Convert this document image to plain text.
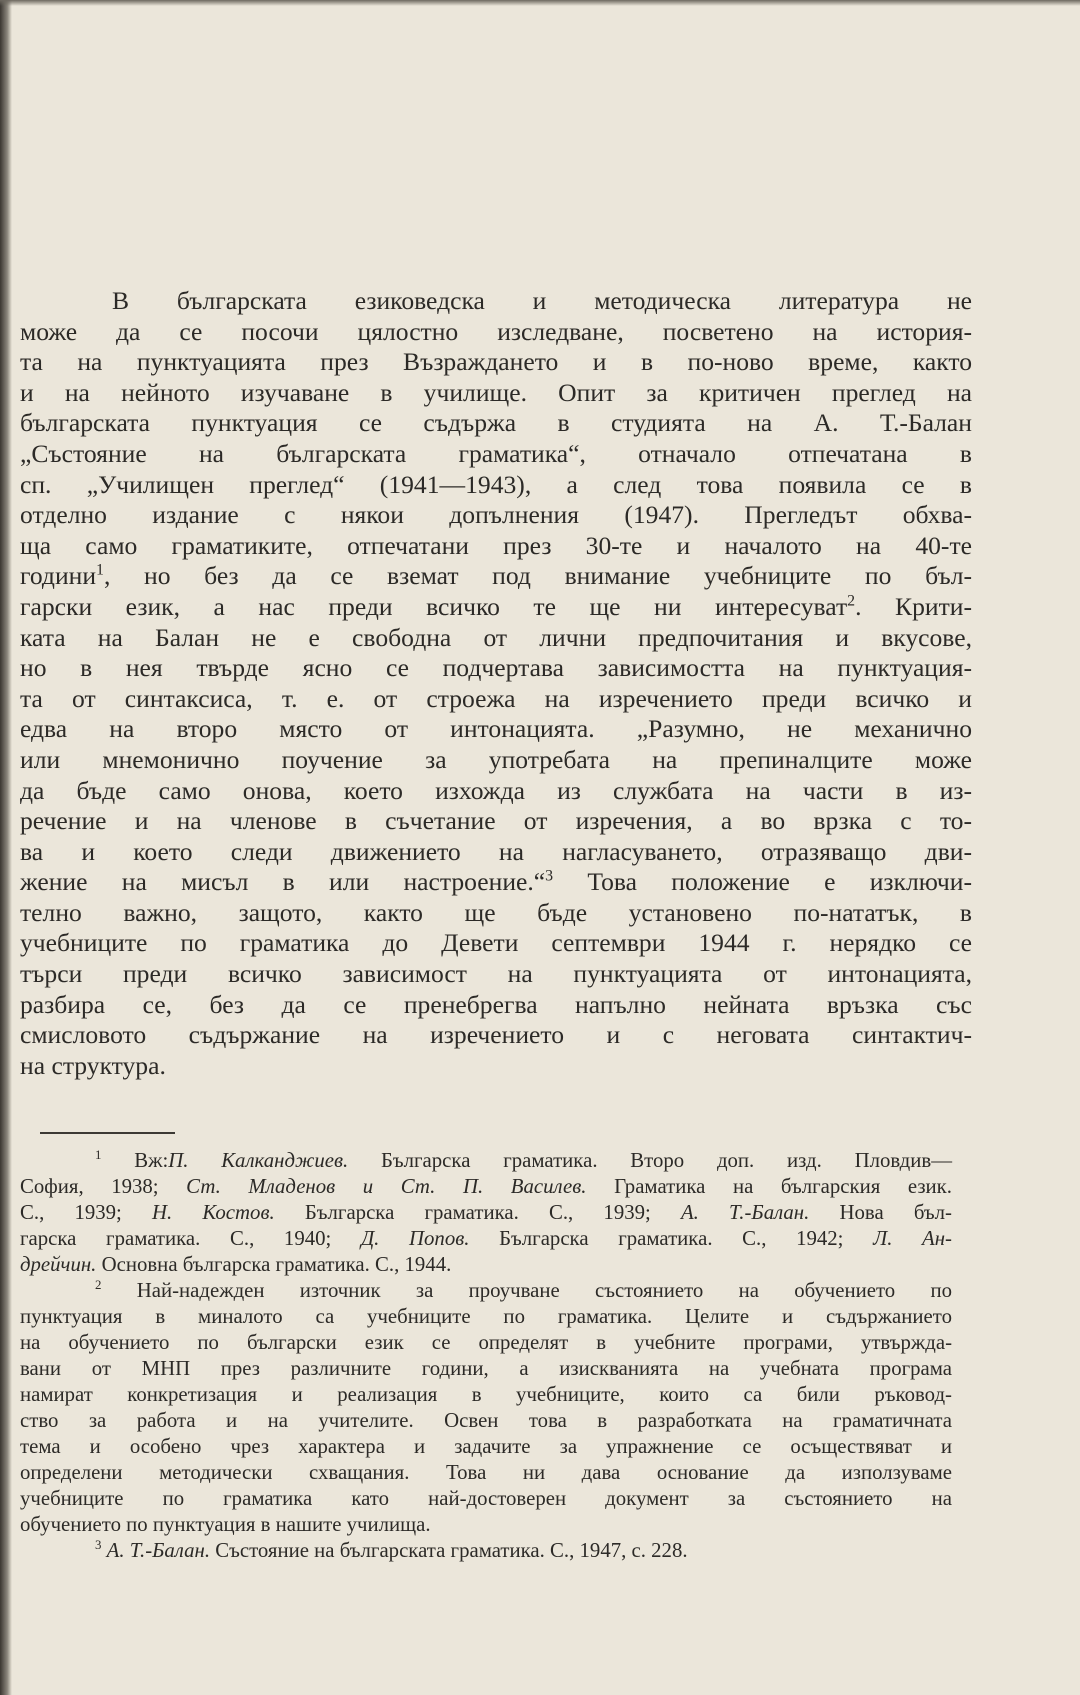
В българската езиковедска и методическа литература не
може да се посочи цялостно изследване, посветено на история-
та на пунктуацията през Възраждането и в по-ново време, както
и на нейното изучаване в училище. Опит за критичен преглед на
българската пунктуация се съдържа в студията на А. Т.-Балан
„Състояние на българската граматика“, отначало отпечатана в
сп. „Училищен преглед“ (1941—1943), а след това появила се в
отделно издание с някои допълнения (1947). Прегледът обхва-
ща само граматиките, отпечатани през 30-те и началото на 40-те
години$^1$, но без да се вземат под внимание учебниците по бъл-
гарски език, а нас преди всичко те ще ни интересуват$^2$. Крити-
ката на Балан не е свободна от лични предпочитания и вкусове,
но в нея твърде ясно се подчертава зависимостта на пунктуация-
та от синтаксиса, т. е. от строежа на изречението преди всичко и
едва на второ място от интонацията. „Разумно, не механично
или мнемонично поучение за употребата на препиналците може
да бъде само онова, което изхожда из службата на части в из-
речение и на членове в съчетание от изречения, а во врзка с то-
ва и което следи движението на нагласуването, отразяващо дви-
жение на мисъл в или настроение.“$^3$ Това положение е изключи-
телно важно, защото, както ще бъде установено по-нататък, в
учебниците по граматика до Девети септември 1944 г. нерядко се
търси преди всичко зависимост на пунктуацията от интонацията,
разбира се, без да се пренебрегва напълно нейната връзка със
смисловото съдържание на изречението и с неговата синтактич-
на структура.
$^1$ Вж:П. Калканджиев. Българска граматика. Второ доп. изд. Пловдив—
София, 1938; Ст. Младенов и Ст. П. Василев. Граматика на българския език.
С., 1939; Н. Костов. Българска граматика. С., 1939; А. Т.-Балан. Нова бъл-
гарска граматика. С., 1940; Д. Попов. Българска граматика. С., 1942; Л. Ан-
дрейчин. Основна българска граматика. С., 1944.
$^2$ Най-надежден източник за проучване състоянието на обучението по
пунктуация в миналото са учебниците по граматика. Целите и съдържанието
на обучението по български език се определят в учебните програми, утвържда-
вани от МНП през различните години, а изискванията на учебната програма
намират конкретизация и реализация в учебниците, които са били ръковод-
ство за работа и на учителите. Освен това в разработката на граматичната
тема и особено чрез характера и задачите за упражнение се осъществяват и
определени методически схващания. Това ни дава основание да използуваме
учебниците по граматика като най-достоверен документ за състоянието на
обучението по пунктуация в нашите училища.
$^3$ А. Т.-Балан. Състояние на българската граматика. С., 1947, с. 228.
